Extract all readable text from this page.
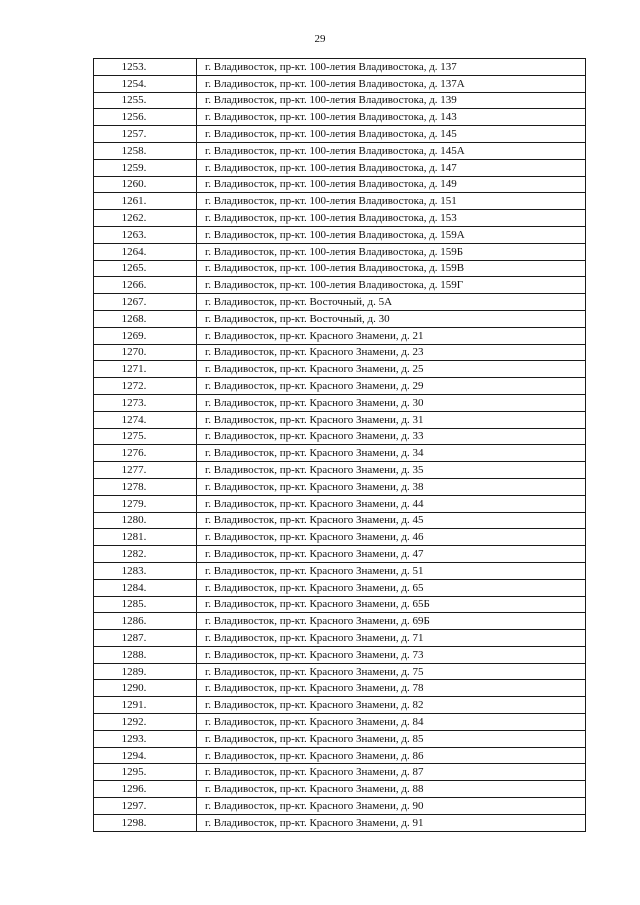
29
1253.	г. Владивосток, пр-кт. 100-летия Владивостока, д. 137
1254.	г. Владивосток, пр-кт. 100-летия Владивостока, д. 137А
1255.	г. Владивосток, пр-кт. 100-летия Владивостока, д. 139
1256.	г. Владивосток, пр-кт. 100-летия Владивостока, д. 143
1257.	г. Владивосток, пр-кт. 100-летия Владивостока, д. 145
1258.	г. Владивосток, пр-кт. 100-летия Владивостока, д. 145А
1259.	г. Владивосток, пр-кт. 100-летия Владивостока, д. 147
1260.	г. Владивосток, пр-кт. 100-летия Владивостока, д. 149
1261.	г. Владивосток, пр-кт. 100-летия Владивостока, д. 151
1262.	г. Владивосток, пр-кт. 100-летия Владивостока, д. 153
1263.	г. Владивосток, пр-кт. 100-летия Владивостока, д. 159А
1264.	г. Владивосток, пр-кт. 100-летия Владивостока, д. 159Б
1265.	г. Владивосток, пр-кт. 100-летия Владивостока, д. 159В
1266.	г. Владивосток, пр-кт. 100-летия Владивостока, д. 159Г
1267.	г. Владивосток, пр-кт. Восточный, д. 5А
1268.	г. Владивосток, пр-кт. Восточный, д. 30
1269.	г. Владивосток, пр-кт. Красного Знамени, д. 21
1270.	г. Владивосток, пр-кт. Красного Знамени, д. 23
1271.	г. Владивосток, пр-кт. Красного Знамени, д. 25
1272.	г. Владивосток, пр-кт. Красного Знамени, д. 29
1273.	г. Владивосток, пр-кт. Красного Знамени, д. 30
1274.	г. Владивосток, пр-кт. Красного Знамени, д. 31
1275.	г. Владивосток, пр-кт. Красного Знамени, д. 33
1276.	г. Владивосток, пр-кт. Красного Знамени, д. 34
1277.	г. Владивосток, пр-кт. Красного Знамени, д. 35
1278.	г. Владивосток, пр-кт. Красного Знамени, д. 38
1279.	г. Владивосток, пр-кт. Красного Знамени, д. 44
1280.	г. Владивосток, пр-кт. Красного Знамени, д. 45
1281.	г. Владивосток, пр-кт. Красного Знамени, д. 46
1282.	г. Владивосток, пр-кт. Красного Знамени, д. 47
1283.	г. Владивосток, пр-кт. Красного Знамени, д. 51
1284.	г. Владивосток, пр-кт. Красного Знамени, д. 65
1285.	г. Владивосток, пр-кт. Красного Знамени, д. 65Б
1286.	г. Владивосток, пр-кт. Красного Знамени, д. 69Б
1287.	г. Владивосток, пр-кт. Красного Знамени, д. 71
1288.	г. Владивосток, пр-кт. Красного Знамени, д. 73
1289.	г. Владивосток, пр-кт. Красного Знамени, д. 75
1290.	г. Владивосток, пр-кт. Красного Знамени, д. 78
1291.	г. Владивосток, пр-кт. Красного Знамени, д. 82
1292.	г. Владивосток, пр-кт. Красного Знамени, д. 84
1293.	г. Владивосток, пр-кт. Красного Знамени, д. 85
1294.	г. Владивосток, пр-кт. Красного Знамени, д. 86
1295.	г. Владивосток, пр-кт. Красного Знамени, д. 87
1296.	г. Владивосток, пр-кт. Красного Знамени, д. 88
1297.	г. Владивосток, пр-кт. Красного Знамени, д. 90
1298.	г. Владивосток, пр-кт. Красного Знамени, д. 91
